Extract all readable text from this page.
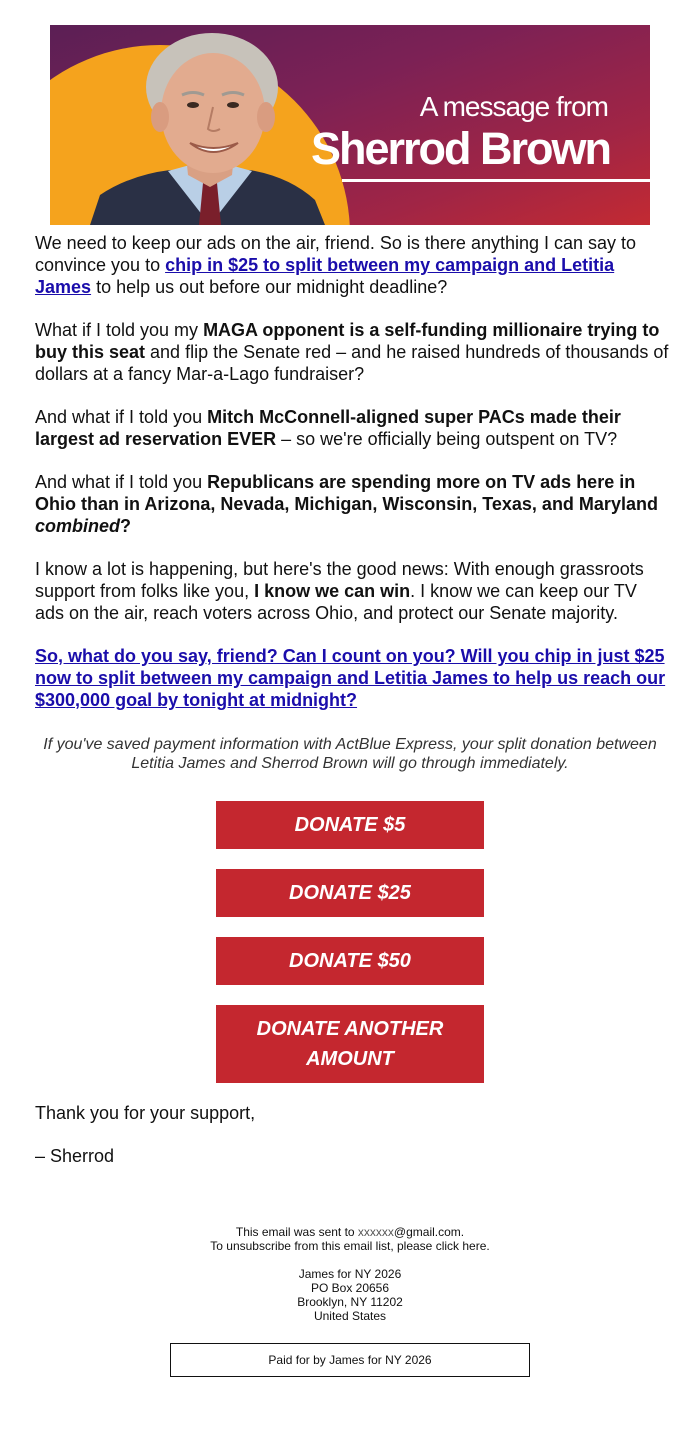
A message from
Sherrod Brown

We need to keep our ads on the air, friend. So is there anything I can say to convince you to chip in $25 to split between my campaign and Letitia James to help us out before our midnight deadline?

What if I told you my MAGA opponent is a self-funding millionaire trying to buy this seat and flip the Senate red – and he raised hundreds of thousands of dollars at a fancy Mar-a-Lago fundraiser?

And what if I told you Mitch McConnell-aligned super PACs made their largest ad reservation EVER – so we're officially being outspent on TV?

And what if I told you Republicans are spending more on TV ads here in Ohio than in Arizona, Nevada, Michigan, Wisconsin, Texas, and Maryland combined?

I know a lot is happening, but here's the good news: With enough grassroots support from folks like you, I know we can win. I know we can keep our TV ads on the air, reach voters across Ohio, and protect our Senate majority.

So, what do you say, friend? Can I count on you? Will you chip in just $25 now to split between my campaign and Letitia James to help us reach our $300,000 goal by tonight at midnight?

If you've saved payment information with ActBlue Express, your split donation between Letitia James and Sherrod Brown will go through immediately.
DONATE $5
DONATE $25
DONATE $50
DONATE ANOTHER AMOUNT

Thank you for your support,

– Sherrod

This email was sent to xxxxxx@gmail.com.

To unsubscribe from this email list, please click here.

James for NY 2026

PO Box 20656

Brooklyn, NY 11202

United States

Paid for by James for NY 2026
